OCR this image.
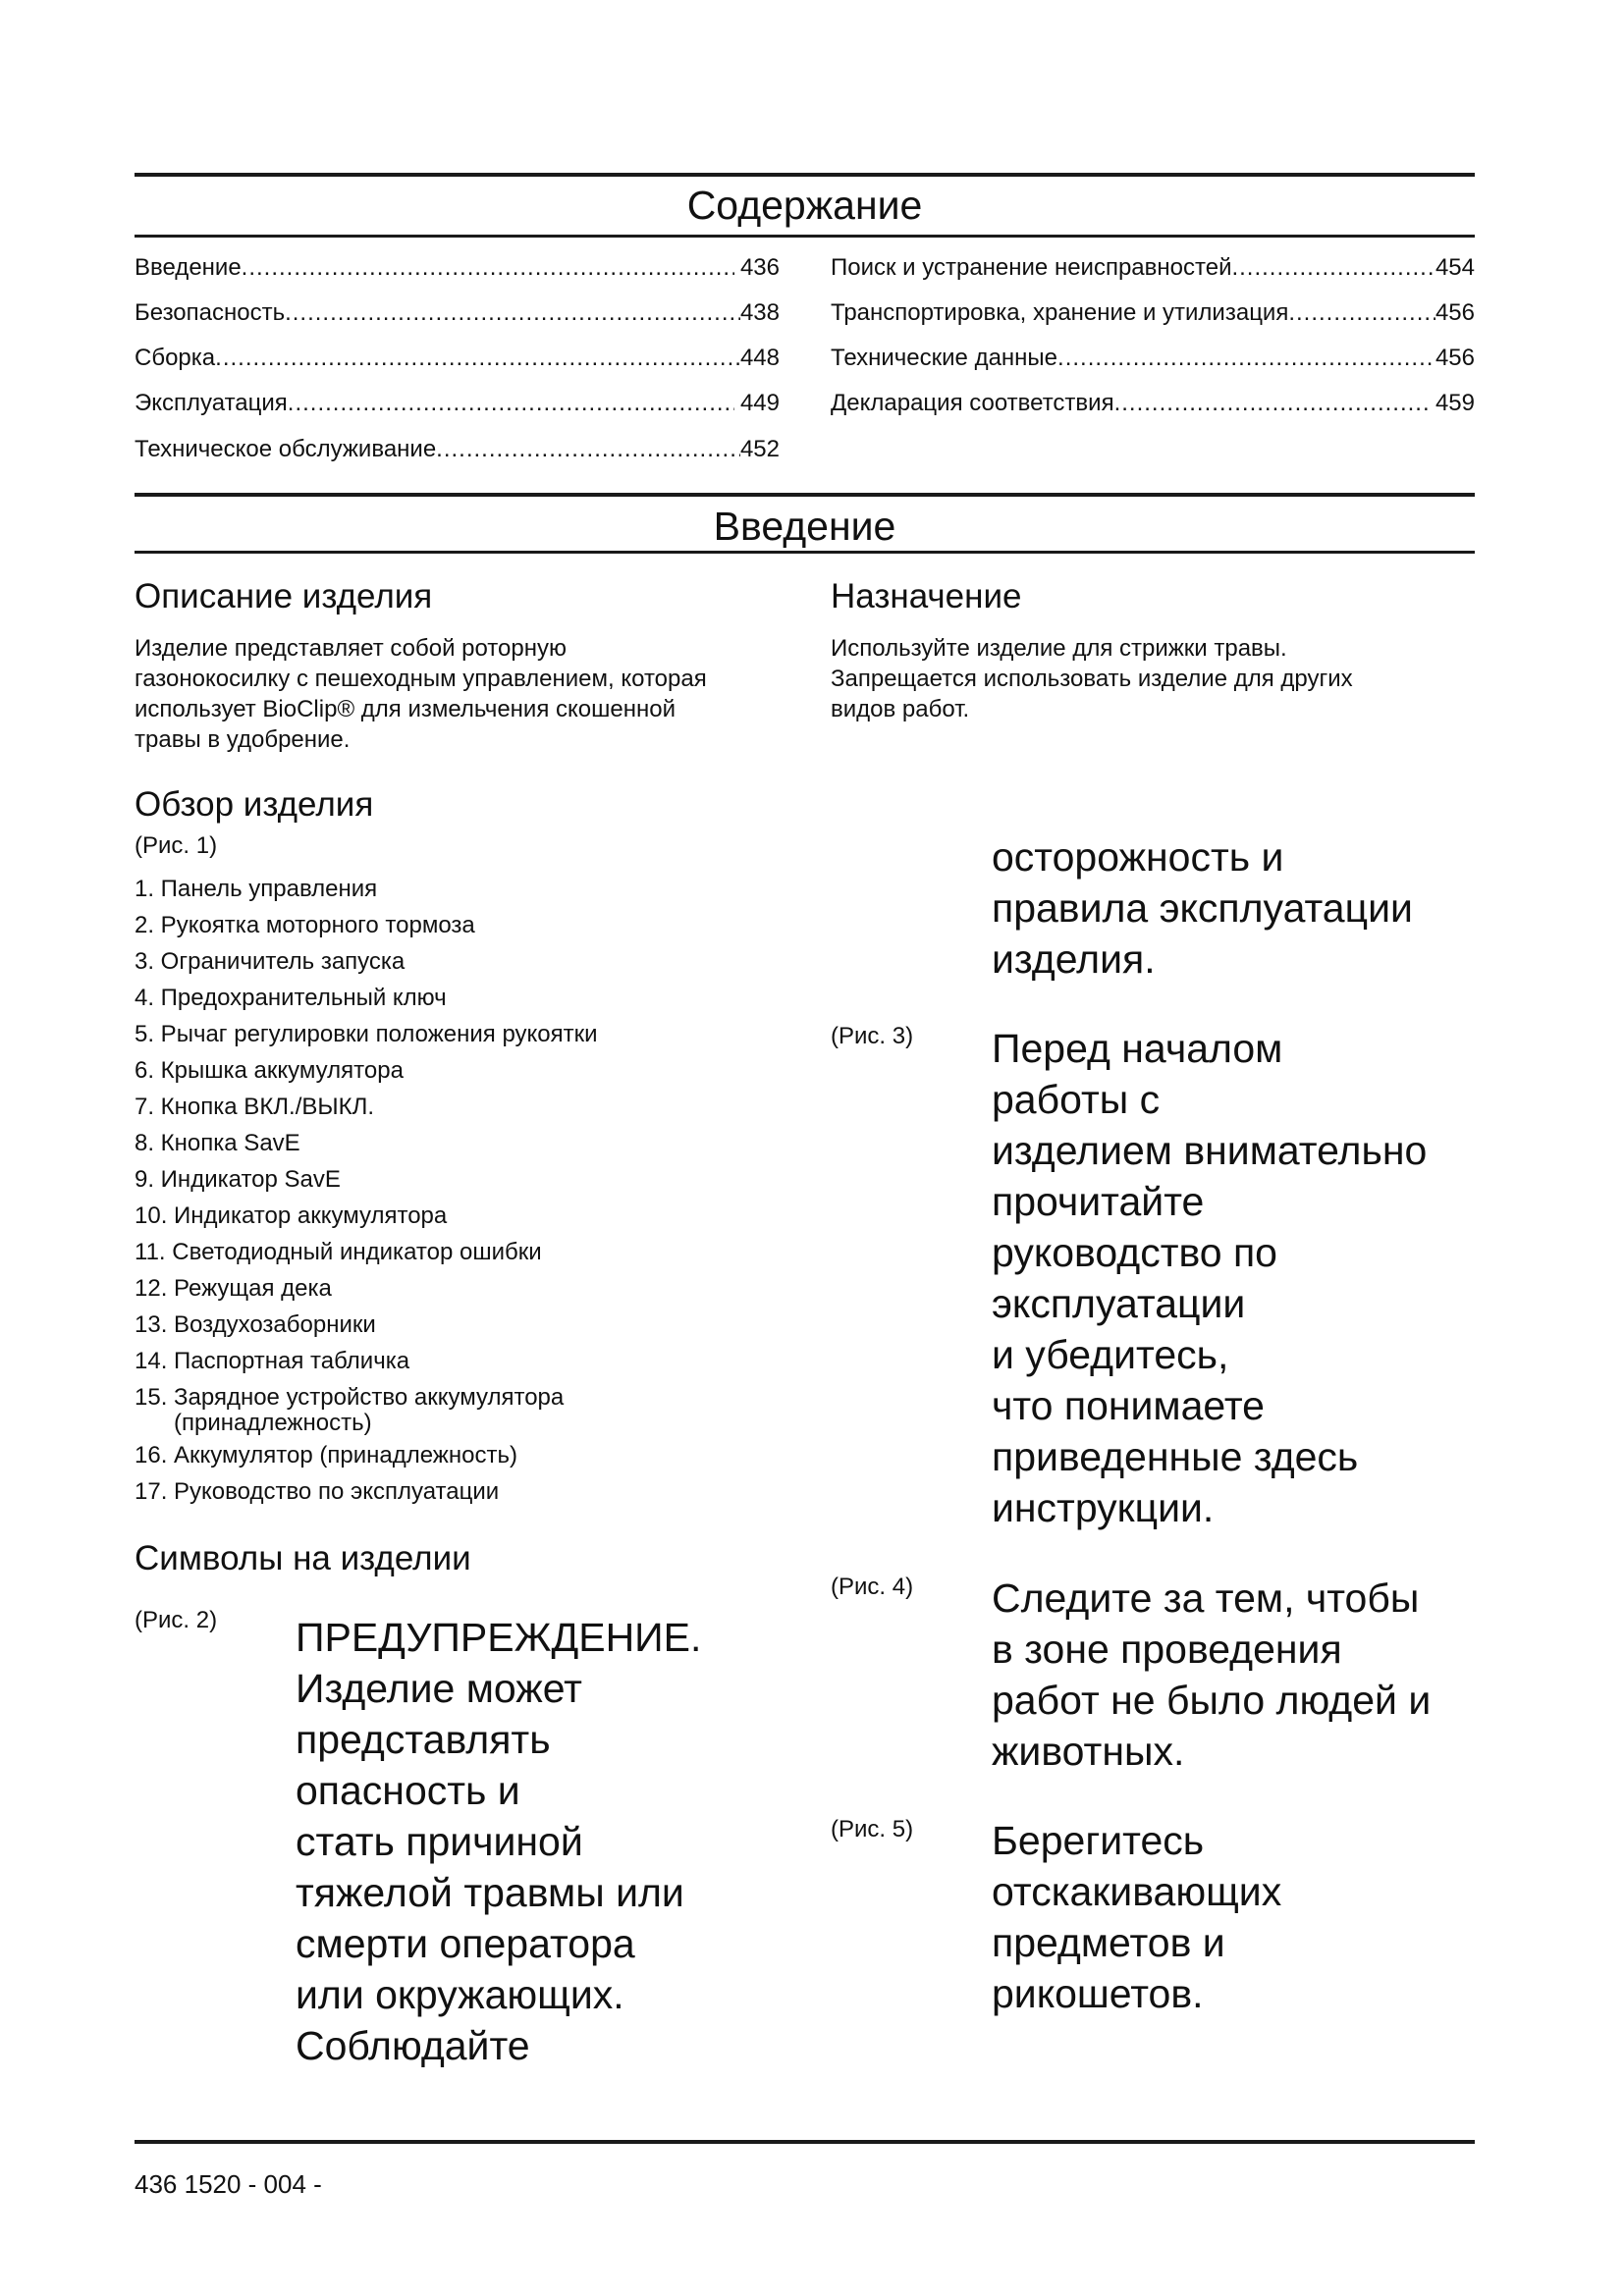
Содержание
Введение .....	436
Безопасность .....	438
Сборка .....	448
Эксплуатация .....	449
Техническое обслуживание .....	452
Поиск и устранение неисправностей .....	454
Транспортировка, хранение и утилизация .....	456
Технические данные .....	456
Декларация соответствия .....	459
Введение
Описание изделия
Изделие представляет собой роторную
газонокосилку с пешеходным управлением, которая
использует BioClip® для измельчения скошенной
травы в удобрение.
Назначение
Используйте изделие для стрижки травы.
Запрещается использовать изделие для других
видов работ.
Обзор изделия
(Рис. 1)
1. Панель управления
2. Рукоятка моторного тормоза
3. Ограничитель запуска
4. Предохранительный ключ
5. Рычаг регулировки положения рукоятки
6. Крышка аккумулятора
7. Кнопка ВКЛ./ВЫКЛ.
8. Кнопка SavE
9. Индикатор SavE
10. Индикатор аккумулятора
11. Светодиодный индикатор ошибки
12. Режущая дека
13. Воздухозаборники
14. Паспортная табличка
15. Зарядное устройство аккумулятора
(принадлежность)
16. Аккумулятор (принадлежность)
17. Руководство по эксплуатации
Символы на изделии
(Рис. 2) ПРЕДУПРЕЖДЕНИЕ.
Изделие может
представлять
опасность и
стать причиной
тяжелой травмы или
смерти оператора
или окружающих.
Соблюдайте
осторожность и
правила эксплуатации
изделия.
(Рис. 3) Перед началом
работы с
изделием внимательно
прочитайте
руководство по
эксплуатации
и убедитесь,
что понимаете
приведенные здесь
инструкции.
(Рис. 4) Следите за тем, чтобы
в зоне проведения
работ не было людей и
животных.
(Рис. 5) Берегитесь
отскакивающих
предметов и
рикошетов.
436 1520 - 004 -
